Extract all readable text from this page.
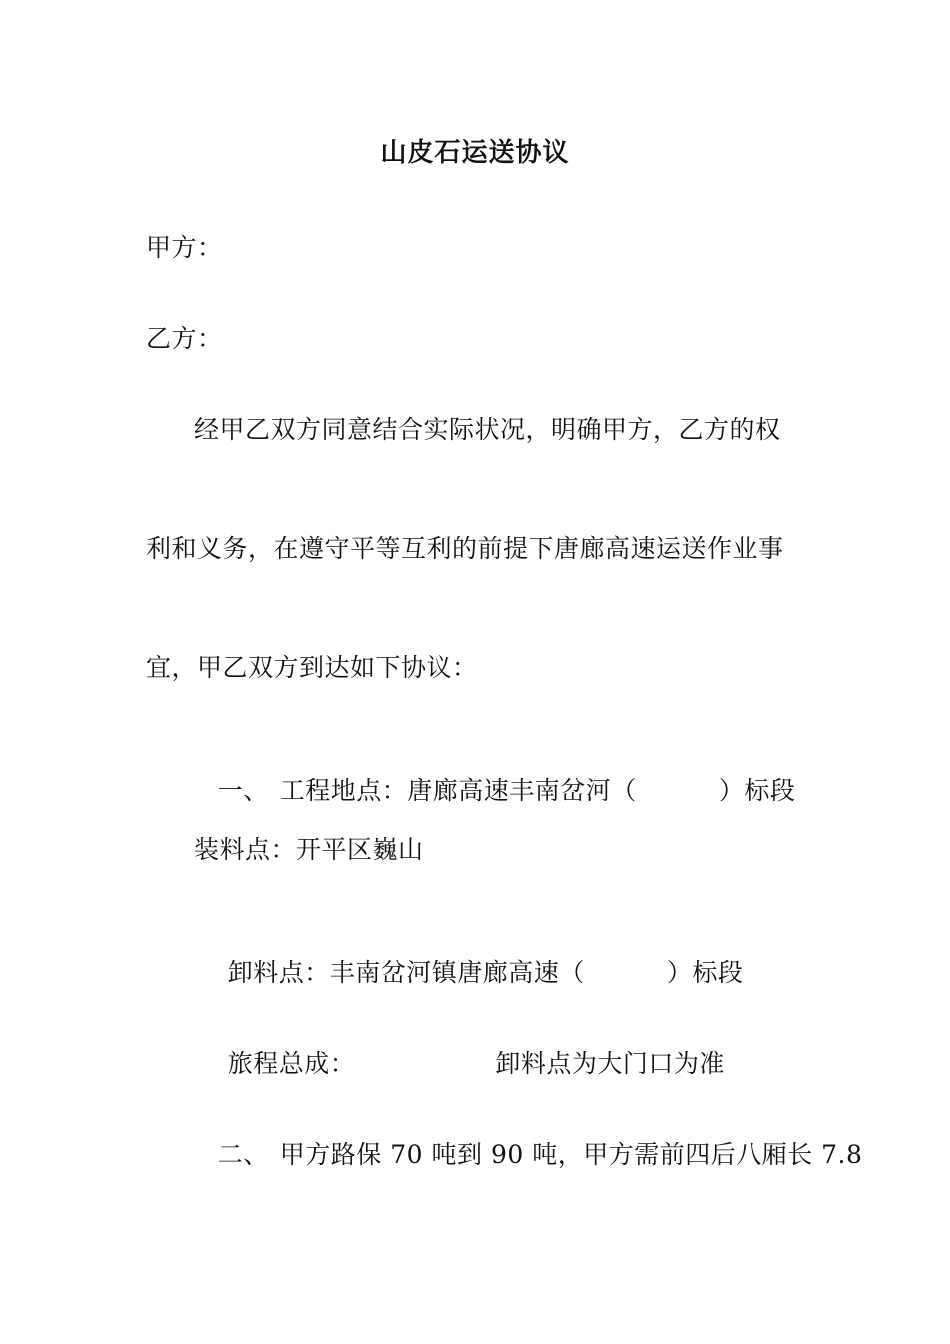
山皮石运送协议
甲方：
乙方：
经甲乙双方同意结合实际状况，明确甲方，乙方的权
利和义务，在遵守平等互利的前提下唐廊高速运送作业事
宜，甲乙双方到达如下协议：

一、 工程地点：唐廊高速丰南岔河（	）标段

装料点：开平区巍山

卸料点：丰南岔河镇唐廊高速（	）标段

旅程总成：	卸料点为大门口为准

二、 甲方路保 70 吨到 90 吨，甲方需前四后八厢长 7.8
